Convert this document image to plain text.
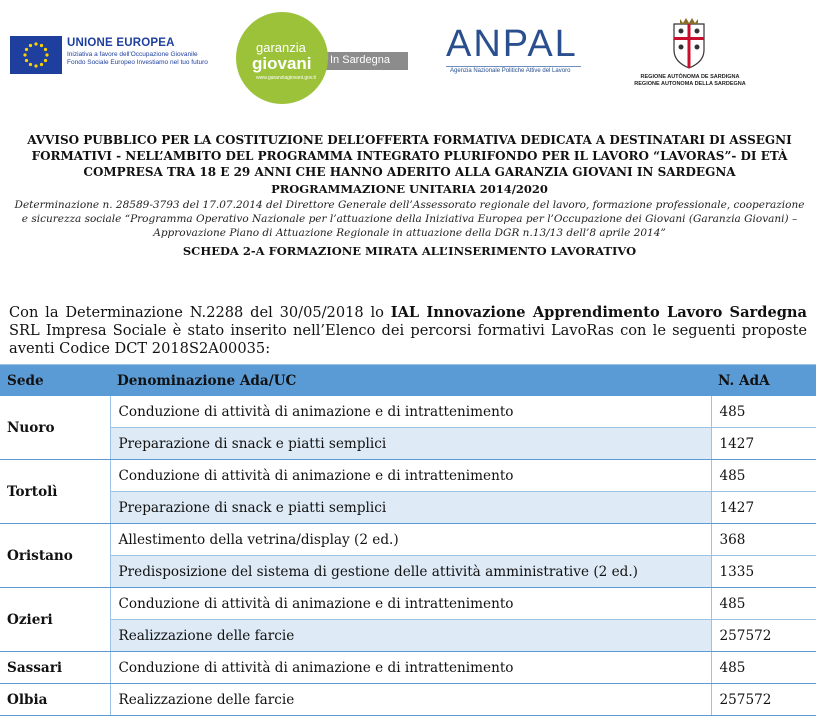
UNIONE EUROPEA
Iniziativa a favore dell'Occupazione Giovanile Fondo Sociale Europeo Investiamo nel tuo futuro	In Sardegna
garanzia
giovani
www.garanziagiovani.gov.it
ANPAL
Agenzia Nazionale Politiche Attive del Lavoro
REGIONE AUTÒNOMA DE SARDIGNA
REGIONE AUTONOMA DELLA SARDEGNA

AVVISO PUBBLICO PER LA COSTITUZIONE DELL’OFFERTA FORMATIVA DEDICATA A DESTINATARI DI ASSEGNI FORMATIVI - NELL’AMBITO DEL PROGRAMMA INTEGRATO PLURIFONDO PER IL LAVORO “LAVORAS”- DI ETÀ COMPRESA TRA 18 E 29 ANNI CHE HANNO ADERITO ALLA GARANZIA GIOVANI IN SARDEGNA

PROGRAMMAZIONE UNITARIA 2014/2020

Determinazione n. 28589-3793 del 17.07.2014 del Direttore Generale dell’Assessorato regionale del lavoro, formazione professionale, cooperazione e sicurezza sociale “Programma Operativo Nazionale per l’attuazione della Iniziativa Europea per l’Occupazione dei Giovani (Garanzia Giovani) – Approvazione Piano di Attuazione Regionale in attuazione della DGR n.13/13 dell’8 aprile 2014”

SCHEDA 2-A FORMAZIONE MIRATA ALL’INSERIMENTO LAVORATIVO

Con la Determinazione N.2288 del 30/05/2018 lo IAL Innovazione Apprendimento Lavoro Sardegna SRL Impresa Sociale è stato inserito nell’Elenco dei percorsi formativi LavoRas con le seguenti proposte aventi Codice DCT 2018S2A00035:

Sede	Denominazione Ada/UC	N. AdA
Nuoro	Conduzione di attività di animazione e di intrattenimento	485
	Preparazione di snack e piatti semplici	1427
Tortolì	Conduzione di attività di animazione e di intrattenimento	485
	Preparazione di snack e piatti semplici	1427
Oristano	Allestimento della vetrina/display (2 ed.)	368
	Predisposizione del sistema di gestione delle attività amministrative (2 ed.)	1335
Ozieri	Conduzione di attività di animazione e di intrattenimento	485
	Realizzazione delle farcie	257572
Sassari	Conduzione di attività di animazione e di intrattenimento	485
Olbia	Realizzazione delle farcie	257572
